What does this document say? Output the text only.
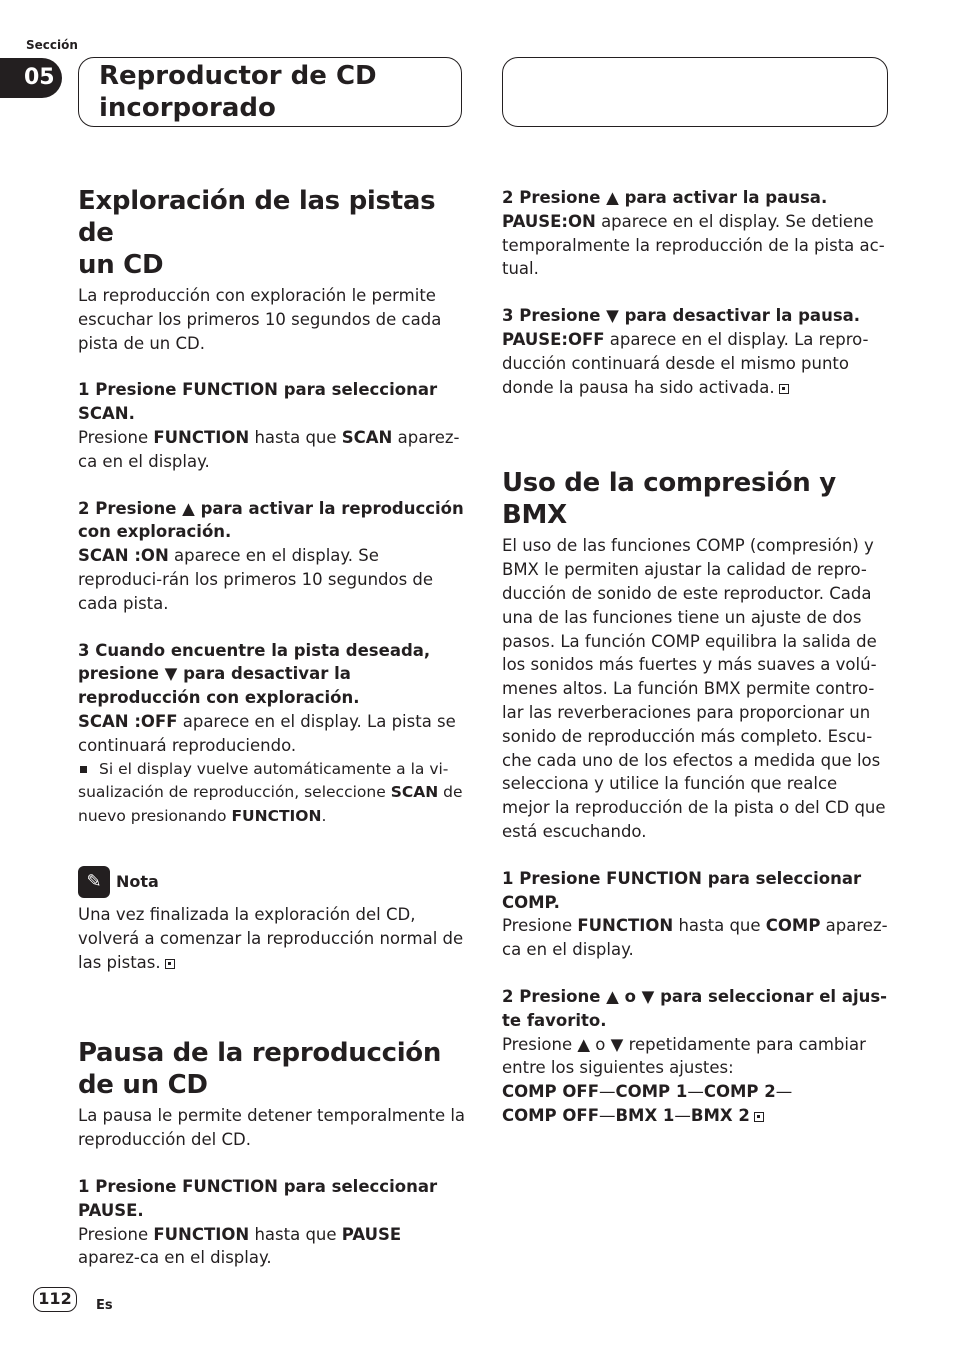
Sección
05 Reproductor de CD
incorporado
Exploración de las pistas de
un CD

La reproducción con exploración le permite escuchar los primeros 10 segundos de cada pista de un CD.

1 Presione FUNCTION para seleccionar SCAN.

Presione FUNCTION hasta que SCAN aparez-ca en el display.

2 Presione ▲ para activar la reproducción con exploración.

SCAN :ON aparece en el display. Se reproduci-rán los primeros 10 segundos de cada pista.

3 Cuando encuentre la pista deseada, presione ▼ para desactivar la reproducción con exploración.

SCAN :OFF aparece en el display. La pista se continuará reproduciendo.

Si el display vuelve automáticamente a la vi-sualización de reproducción, seleccione SCAN de nuevo presionando FUNCTION.

✎ Nota

Una vez finalizada la exploración del CD, volverá a comenzar la reproducción normal de las pistas.

Pausa de la reproducción
de un CD

La pausa le permite detener temporalmente la reproducción del CD.

1 Presione FUNCTION para seleccionar PAUSE.

Presione FUNCTION hasta que PAUSE aparez-ca en el display.

2 Presione ▲ para activar la pausa.

PAUSE:ON aparece en el display. Se detiene temporalmente la reproducción de la pista ac-tual.

3 Presione ▼ para desactivar la pausa.

PAUSE:OFF aparece en el display. La repro-ducción continuará desde el mismo punto donde la pausa ha sido activada.

Uso de la compresión y BMX

El uso de las funciones COMP (compresión) y BMX le permiten ajustar la calidad de repro-ducción de sonido de este reproductor. Cada una de las funciones tiene un ajuste de dos pasos. La función COMP equilibra la salida de los sonidos más fuertes y más suaves a volú-menes altos. La función BMX permite contro-lar las reverberaciones para proporcionar un sonido de reproducción más completo. Escu-che cada uno de los efectos a medida que los selecciona y utilice la función que realce mejor la reproducción de la pista o del CD que está escuchando.

1 Presione FUNCTION para seleccionar COMP.

Presione FUNCTION hasta que COMP aparez-ca en el display.

2 Presione ▲ o ▼ para seleccionar el ajus-te favorito.

Presione ▲ o ▼ repetidamente para cambiar entre los siguientes ajustes:

COMP OFF—COMP 1—COMP 2—

COMP OFF—BMX 1—BMX 2

112	Es
